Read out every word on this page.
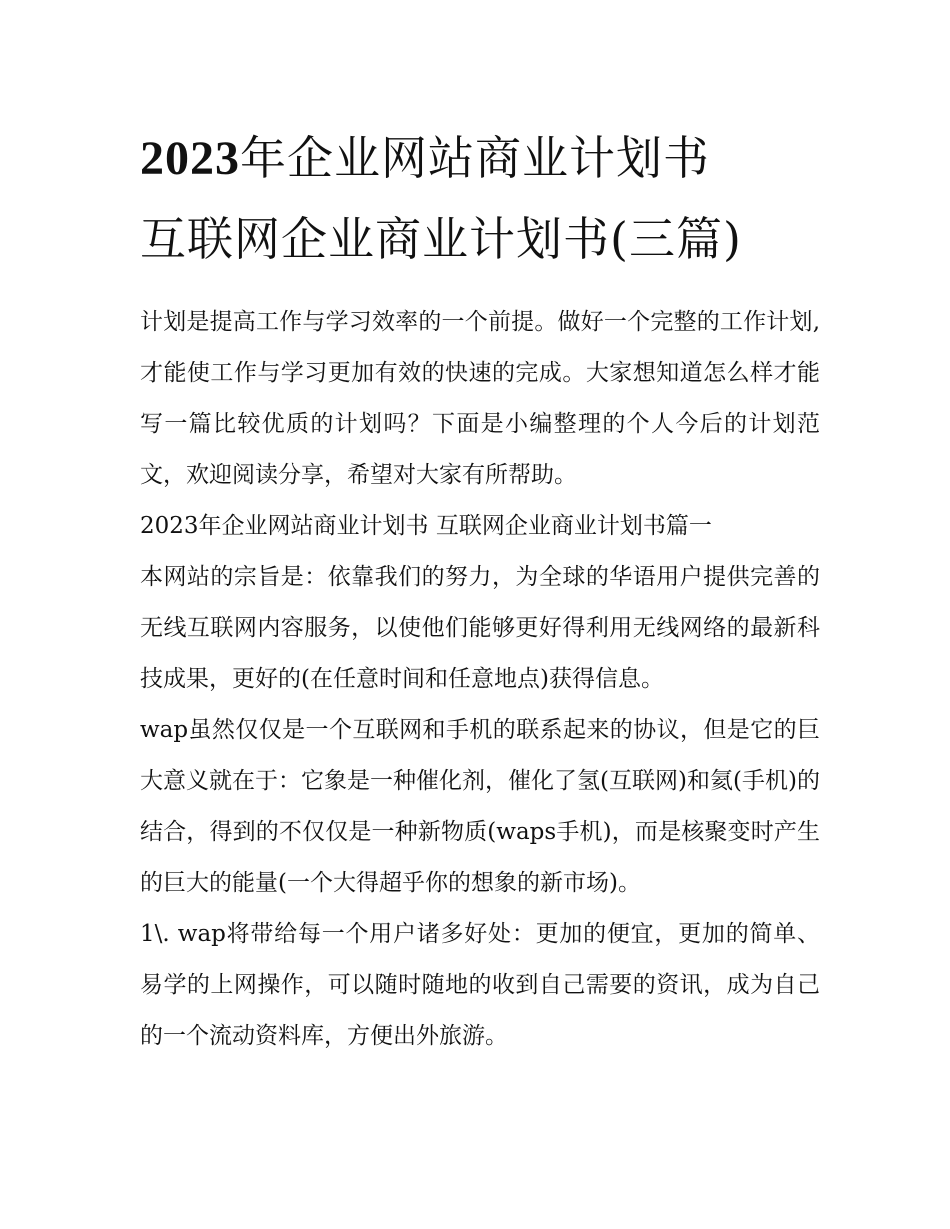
2023年企业网站商业计划书
互联网企业商业计划书(三篇)

计划是提高工作与学习效率的一个前提。做好一个完整的工作计划,才能使工作与学习更加有效的快速的完成。大家想知道怎么样才能写一篇比较优质的计划吗？下面是小编整理的个人今后的计划范文，欢迎阅读分享，希望对大家有所帮助。

2023年企业网站商业计划书 互联网企业商业计划书篇一

本网站的宗旨是：依靠我们的努力，为全球的华语用户提供完善的无线互联网内容服务，以使他们能够更好得利用无线网络的最新科技成果，更好的(在任意时间和任意地点)获得信息。

wap虽然仅仅是一个互联网和手机的联系起来的协议，但是它的巨大意义就在于：它象是一种催化剂，催化了氢(互联网)和氦(手机)的结合，得到的不仅仅是一种新物质(waps手机)，而是核聚变时产生的巨大的能量(一个大得超乎你的想象的新市场)。

1\. wap将带给每一个用户诸多好处：更加的便宜，更加的简单、易学的上网操作，可以随时随地的收到自己需要的资讯，成为自己的一个流动资料库，方便出外旅游。
